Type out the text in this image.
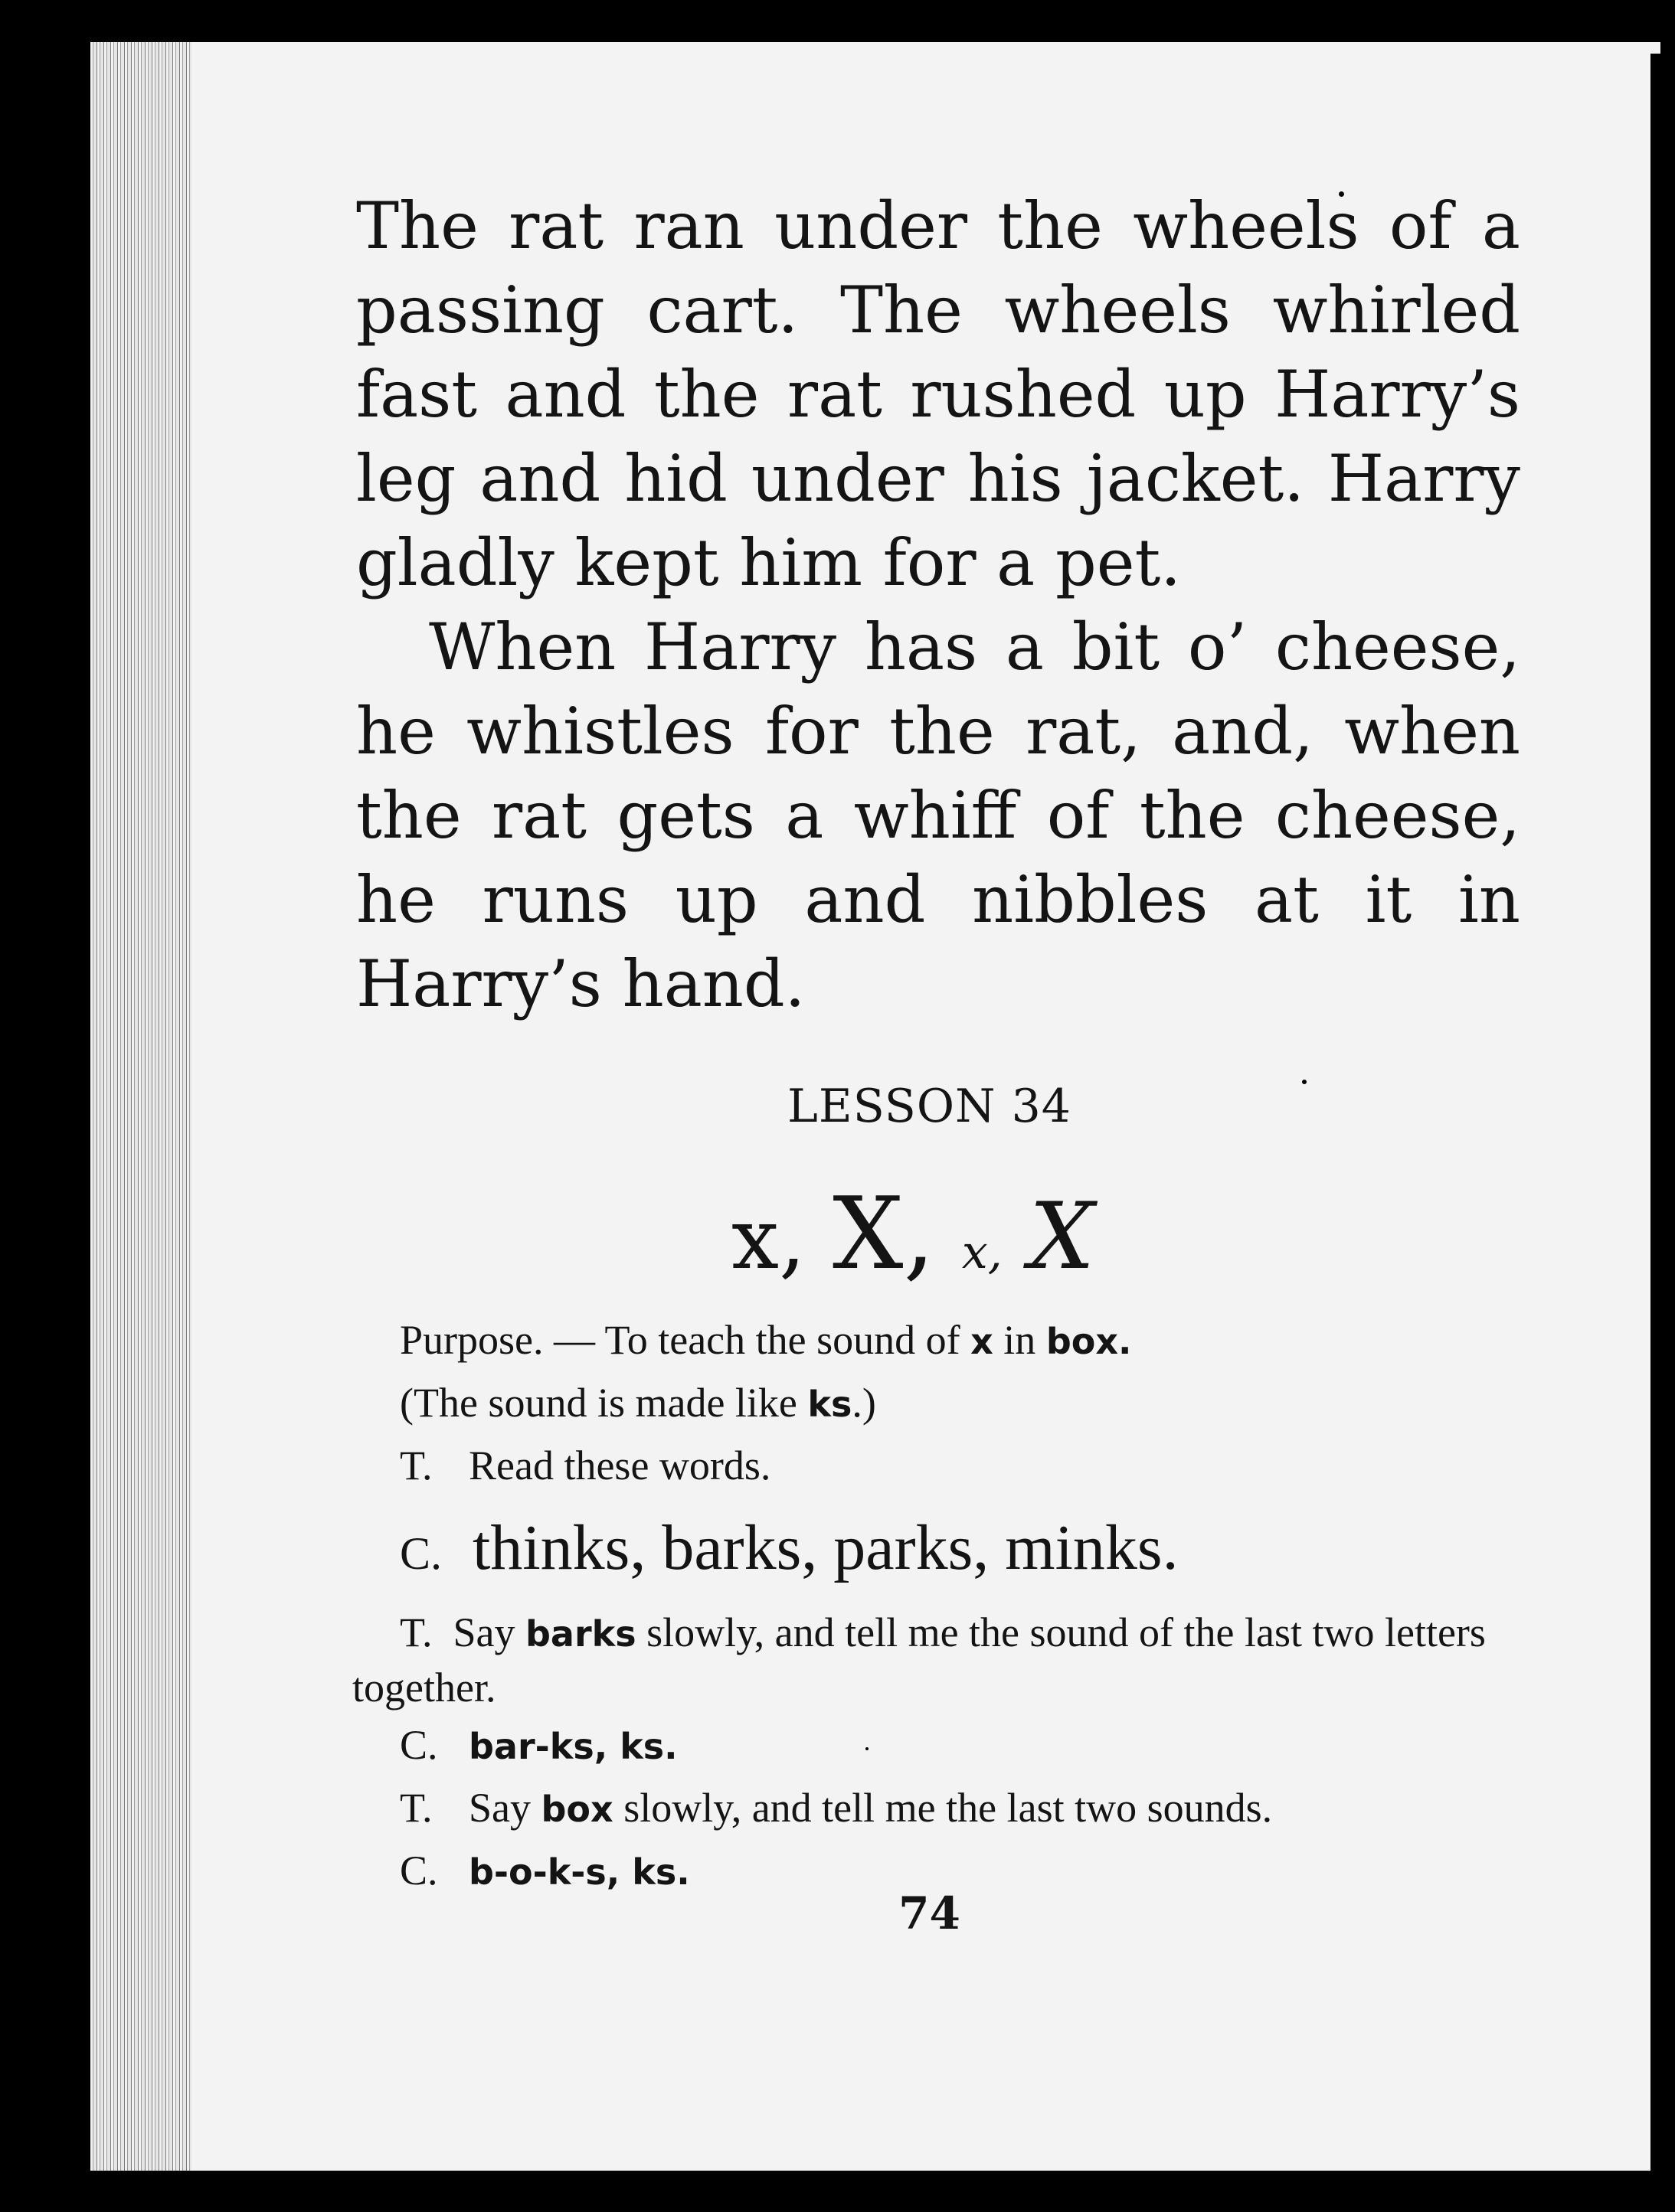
The rat ran under the wheels of a passing cart. The wheels whirled fast and the rat rushed up Harry’s leg and hid under his jacket. Harry gladly kept him for a pet.

When Harry has a bit o’ cheese, he whistles for the rat, and, when the rat gets a whiff of the cheese, he runs up and nibbles at it in Harry’s hand.

LESSON 34
x, X, x, X
Purpose. — To teach the sound of x in box.
(The sound is made like ks.)
T. Read these words.
C. thinks, barks, parks, minks.
T. Say barks slowly, and tell me the sound of the last two letters together.
C. bar-ks, ks.
T. Say box slowly, and tell me the last two sounds.
C. b-o-k-s, ks.
74
